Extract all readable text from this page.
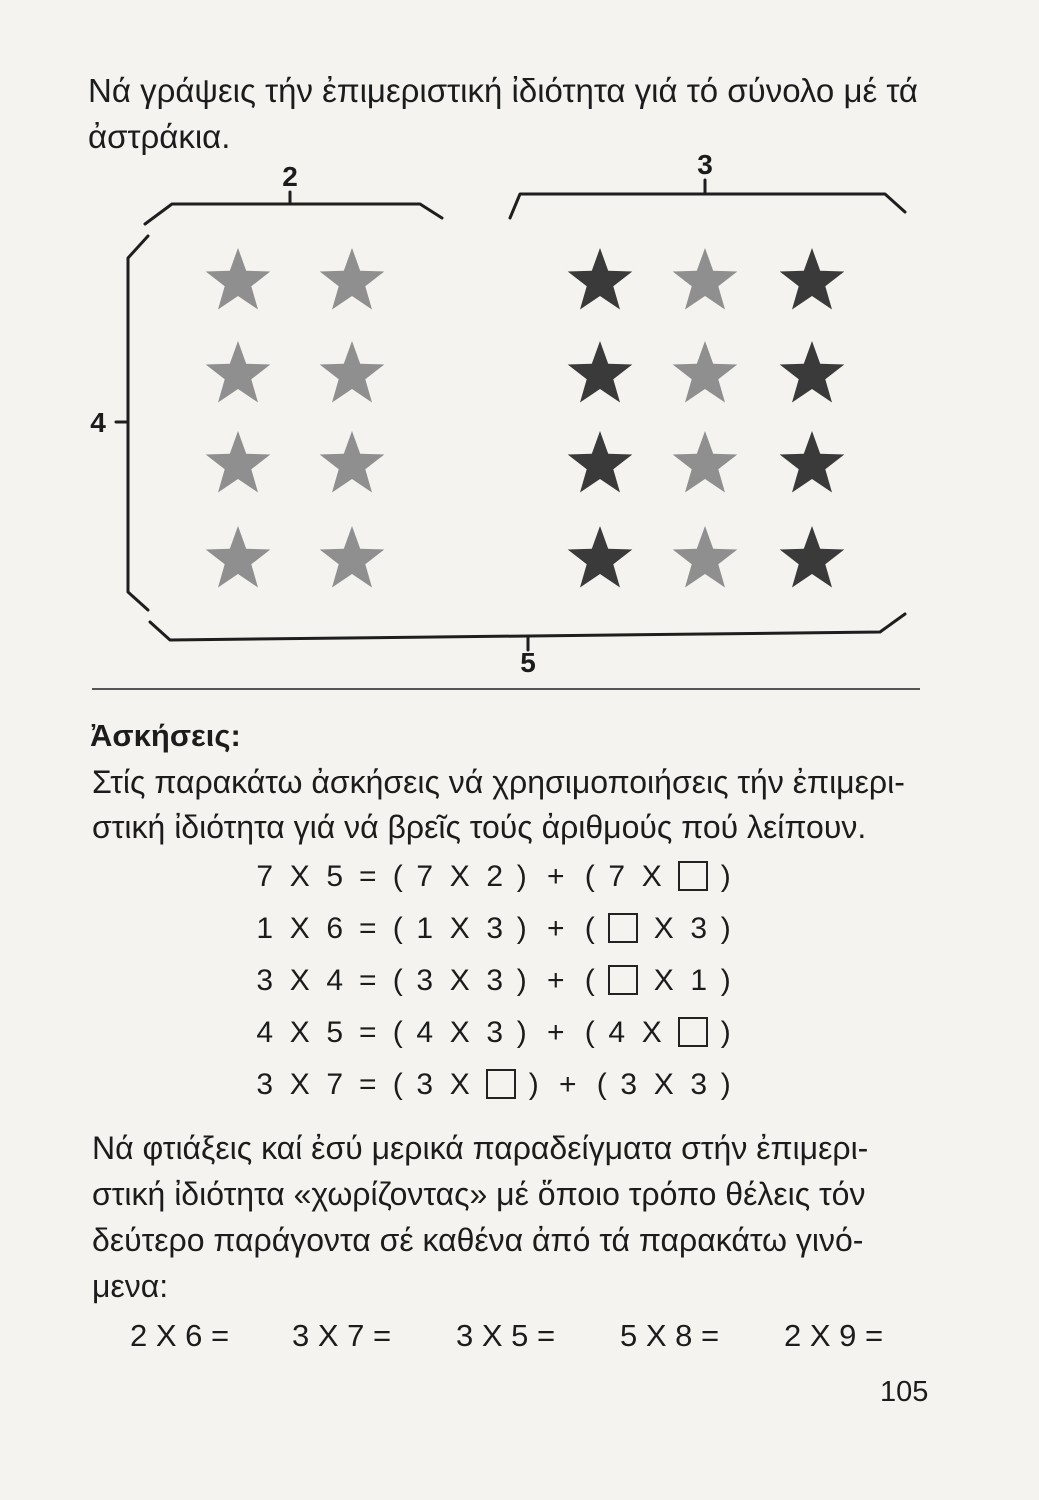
Νά γράψεις τήν ἐπιμεριστική ἰδιότητα γιά τό σύνολο μέ τά
ἀστράκια.
2	3
4
5
Ἀσκήσεις:
Στίς παρακάτω ἀσκήσεις νά χρησιμοποιήσεις τήν ἐπιμερι-
στική ἰδιότητα γιά νά βρεῖς τούς ἀριθμούς πού λείπουν.
7 X 5 = ( 7 X 2 ) + ( 7 X )
1 X 6 = ( 1 X 3 ) + ( X 3 )
3 X 4 = ( 3 X 3 ) + ( X 1 )
4 X 5 = ( 4 X 3 ) + ( 4 X )
3 X 7 = ( 3 X ) + ( 3 X 3 )
Νά φτιάξεις καί ἐσύ μερικά παραδείγματα στήν ἐπιμερι-
στική ἰδιότητα «χωρίζοντας» μέ ὅποιο τρόπο θέλεις τόν
δεύτερο παράγοντα σέ καθένα ἀπό τά παρακάτω γινό-
μενα:
2 X 6 = 3 X 7 = 3 X 5 = 5 X 8 = 2 X 9 =
105
